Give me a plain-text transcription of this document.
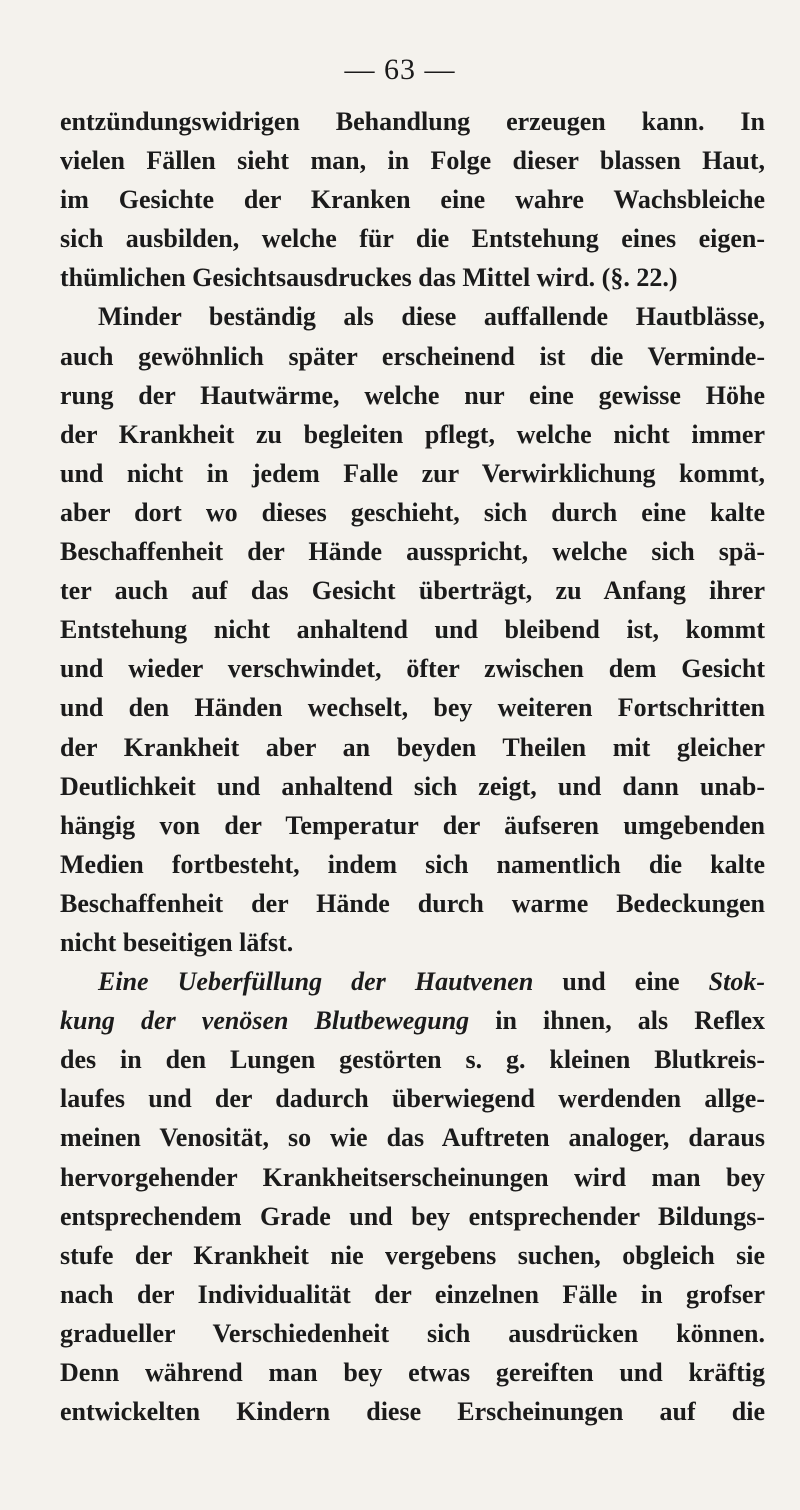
— 63 —
entzündungswidrigen Behandlung erzeugen kann. In
vielen Fällen sieht man, in Folge dieser blassen Haut,
im Gesichte der Kranken eine wahre Wachsbleiche
sich ausbilden, welche für die Entstehung eines eigen-
thümlichen Gesichtsausdruckes das Mittel wird. (§. 22.)
Minder beständig als diese auffallende Hautblässe,
auch gewöhnlich später erscheinend ist die Verminde-
rung der Hautwärme, welche nur eine gewisse Höhe
der Krankheit zu begleiten pflegt, welche nicht immer
und nicht in jedem Falle zur Verwirklichung kommt,
aber dort wo dieses geschieht, sich durch eine kalte
Beschaffenheit der Hände ausspricht, welche sich spä-
ter auch auf das Gesicht überträgt, zu Anfang ihrer
Entstehung nicht anhaltend und bleibend ist, kommt
und wieder verschwindet, öfter zwischen dem Gesicht
und den Händen wechselt, bey weiteren Fortschritten
der Krankheit aber an beyden Theilen mit gleicher
Deutlichkeit und anhaltend sich zeigt, und dann unab-
hängig von der Temperatur der äufseren umgebenden
Medien fortbesteht, indem sich namentlich die kalte
Beschaffenheit der Hände durch warme Bedeckungen
nicht beseitigen läfst.
Eine Ueberfüllung der Hautvenen und eine Stok-
kung der venösen Blutbewegung in ihnen, als Reflex
des in den Lungen gestörten s. g. kleinen Blutkreis-
laufes und der dadurch überwiegend werdenden allge-
meinen Venosität, so wie das Auftreten analoger, daraus
hervorgehender Krankheitserscheinungen wird man bey
entsprechendem Grade und bey entsprechender Bildungs-
stufe der Krankheit nie vergebens suchen, obgleich sie
nach der Individualität der einzelnen Fälle in grofser
gradueller Verschiedenheit sich ausdrücken können.
Denn während man bey etwas gereiften und kräftig
entwickelten Kindern diese Erscheinungen auf die
